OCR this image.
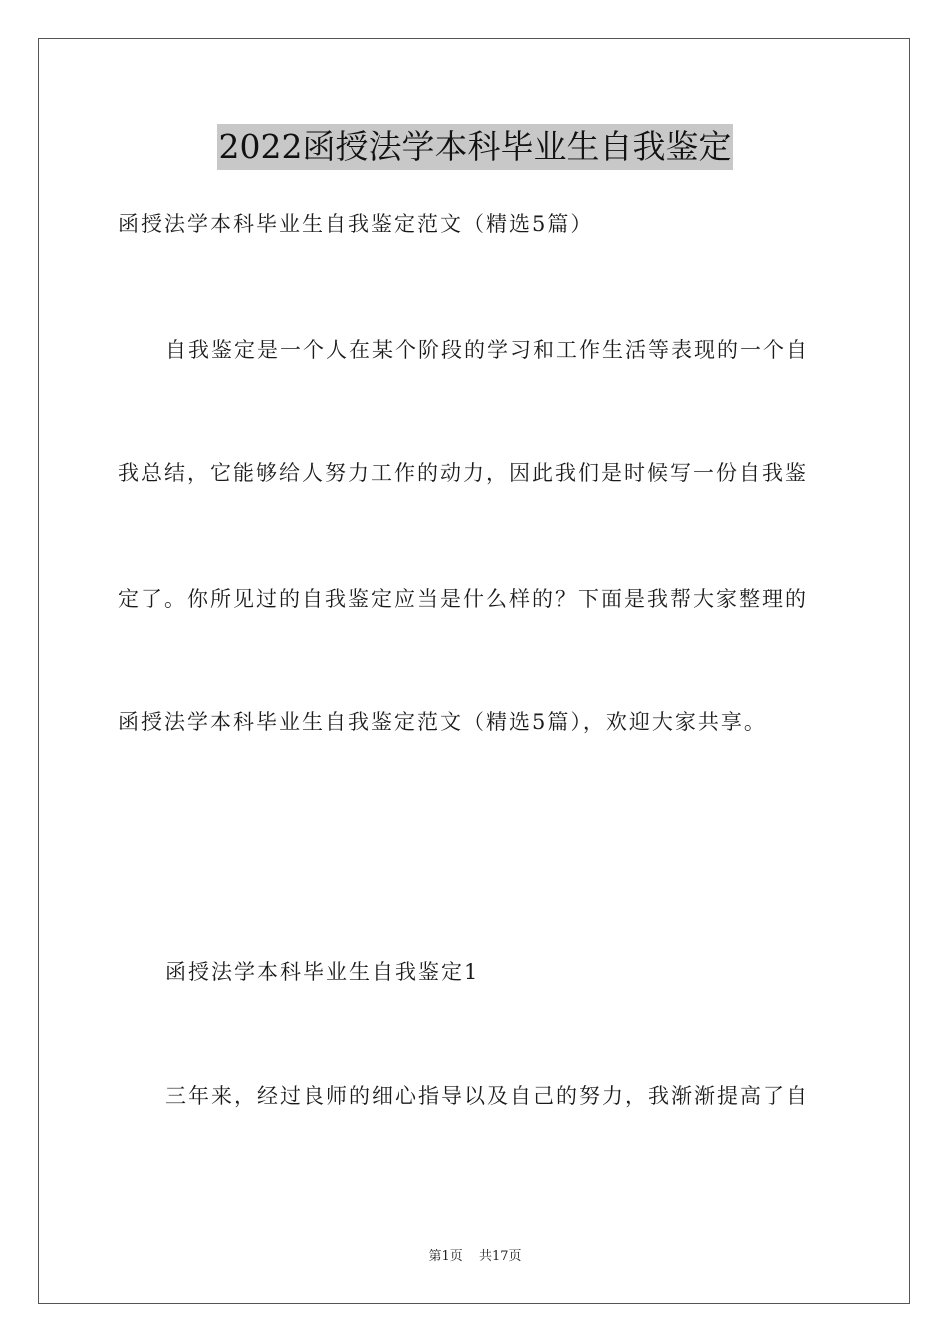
2022函授法学本科毕业生自我鉴定
函授法学本科毕业生自我鉴定范文（精选5篇）
自我鉴定是一个人在某个阶段的学习和工作生活等表现的一个自
我总结，它能够给人努力工作的动力，因此我们是时候写一份自我鉴
定了。你所见过的自我鉴定应当是什么样的？下面是我帮大家整理的
函授法学本科毕业生自我鉴定范文（精选5篇），欢迎大家共享。
函授法学本科毕业生自我鉴定1
三年来，经过良师的细心指导以及自己的努力，我渐渐提高了自
第1页 共17页
